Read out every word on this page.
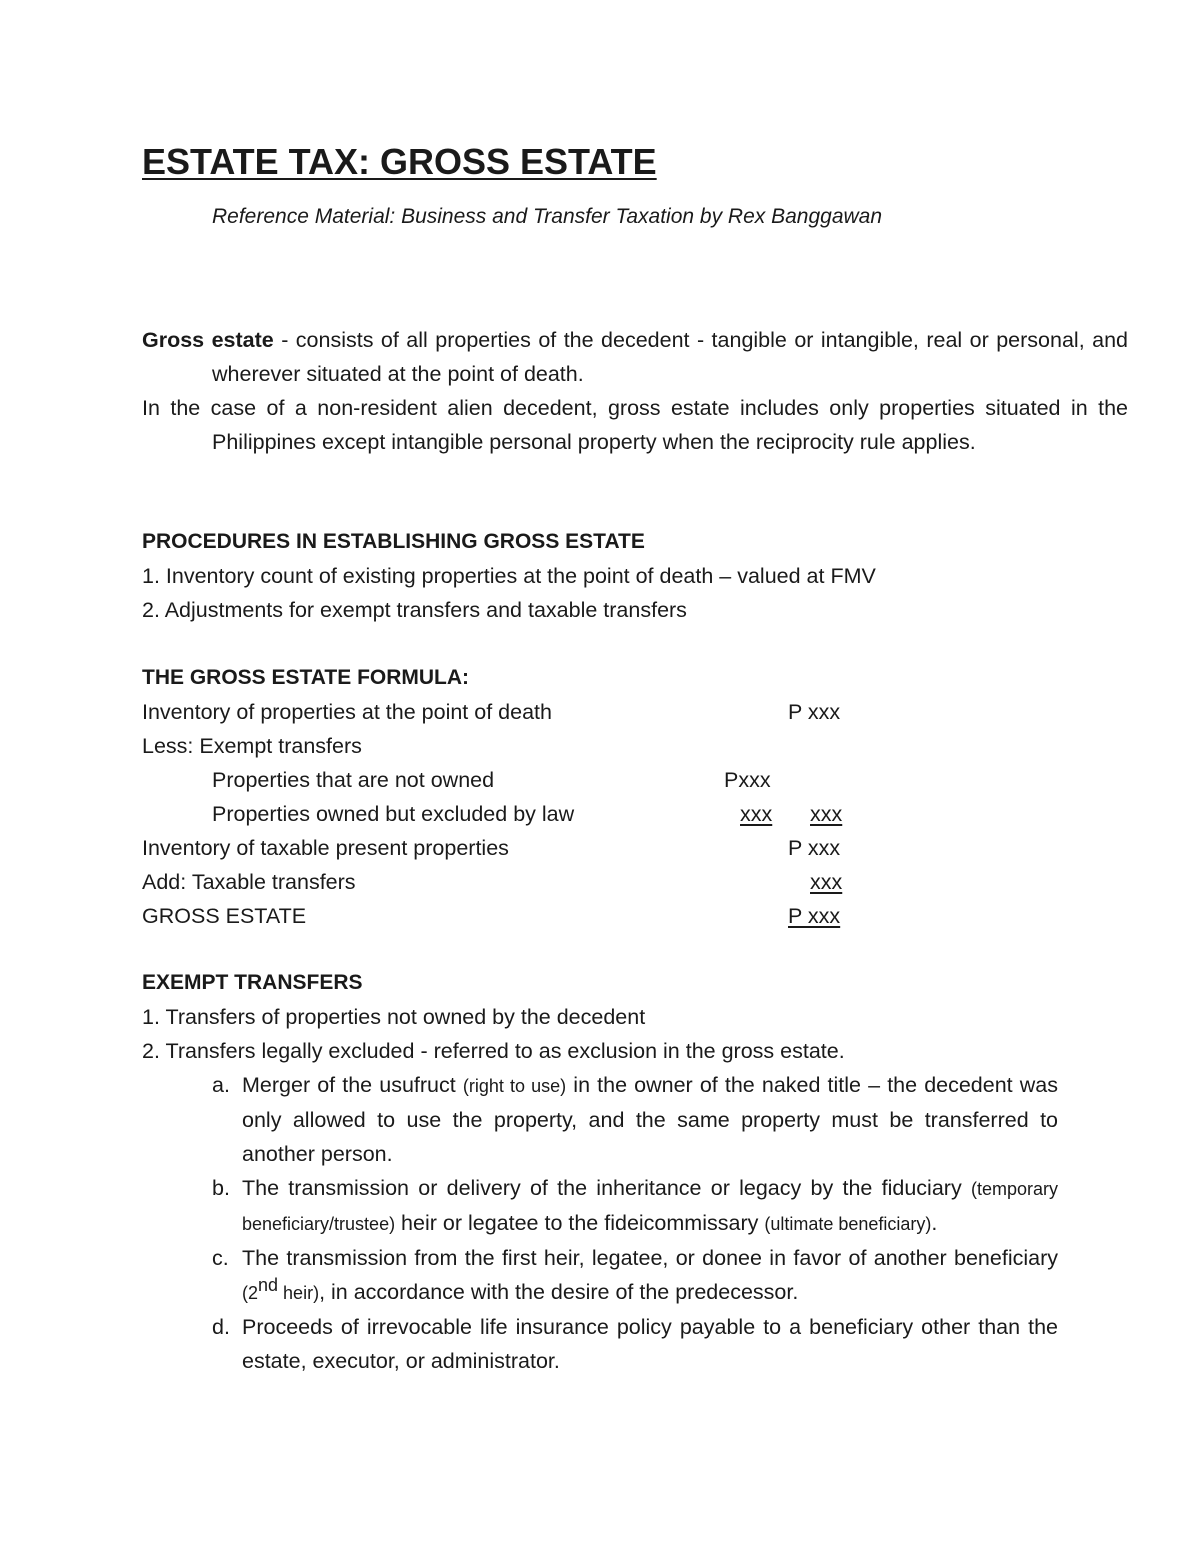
ESTATE TAX: GROSS ESTATE
Reference Material: Business and Transfer Taxation by Rex Banggawan
Gross estate - consists of all properties of the decedent - tangible or intangible, real or personal, and wherever situated at the point of death.
In the case of a non-resident alien decedent, gross estate includes only properties situated in the Philippines except intangible personal property when the reciprocity rule applies.
PROCEDURES IN ESTABLISHING GROSS ESTATE
1. Inventory count of existing properties at the point of death – valued at FMV
2. Adjustments for exempt transfers and taxable transfers
THE GROSS ESTATE FORMULA:
Inventory of properties at the point of death	P xxx
Less: Exempt transfers
Properties that are not owned	Pxxx
Properties owned but excluded by law	xxx xxx
Inventory of taxable present properties	P xxx
Add: Taxable transfers	xxx
GROSS ESTATE	P xxx
EXEMPT TRANSFERS
1. Transfers of properties not owned by the decedent
2. Transfers legally excluded - referred to as exclusion in the gross estate.
a. Merger of the usufruct (right to use) in the owner of the naked title – the decedent was only allowed to use the property, and the same property must be transferred to another person.
b. The transmission or delivery of the inheritance or legacy by the fiduciary (temporary beneficiary/trustee) heir or legatee to the fideicommissary (ultimate beneficiary).
c. The transmission from the first heir, legatee, or donee in favor of another beneficiary (2nd heir), in accordance with the desire of the predecessor.
d. Proceeds of irrevocable life insurance policy payable to a beneficiary other than the estate, executor, or administrator.
